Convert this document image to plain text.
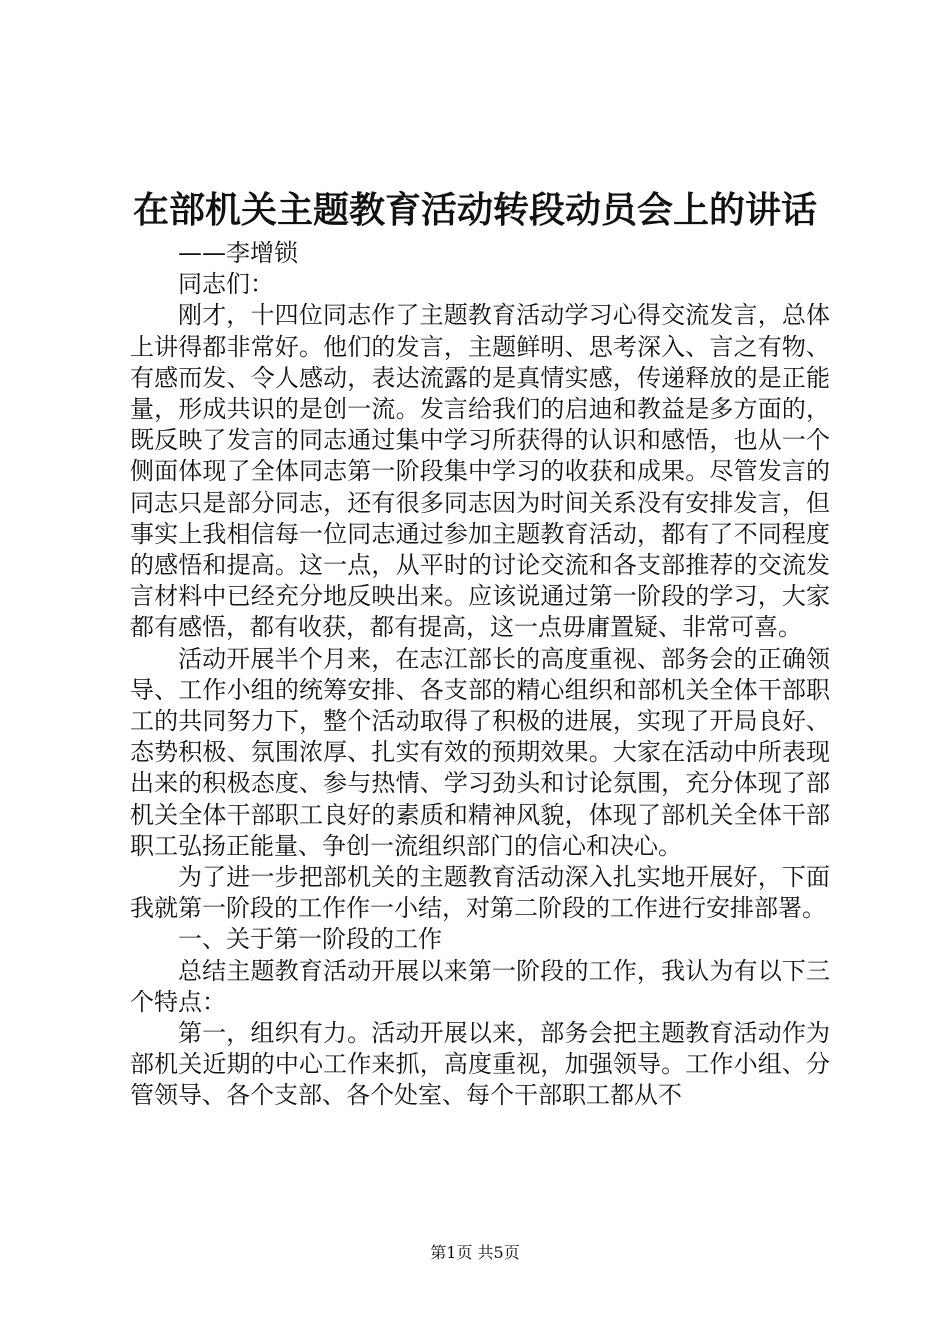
在部机关主题教育活动转段动员会上的讲话

——李增锁

同志们：

刚才，十四位同志作了主题教育活动学习心得交流发言，总体上讲得都非常好。他们的发言，主题鲜明、思考深入、言之有物、有感而发、令人感动，表达流露的是真情实感，传递释放的是正能量，形成共识的是创一流。发言给我们的启迪和教益是多方面的，既反映了发言的同志通过集中学习所获得的认识和感悟，也从一个侧面体现了全体同志第一阶段集中学习的收获和成果。尽管发言的同志只是部分同志，还有很多同志因为时间关系没有安排发言，但事实上我相信每一位同志通过参加主题教育活动，都有了不同程度的感悟和提高。这一点，从平时的讨论交流和各支部推荐的交流发言材料中已经充分地反映出来。应该说通过第一阶段的学习，大家都有感悟，都有收获，都有提高，这一点毋庸置疑、非常可喜。

活动开展半个月来，在志江部长的高度重视、部务会的正确领导、工作小组的统筹安排、各支部的精心组织和部机关全体干部职工的共同努力下，整个活动取得了积极的进展，实现了开局良好、态势积极、氛围浓厚、扎实有效的预期效果。大家在活动中所表现出来的积极态度、参与热情、学习劲头和讨论氛围，充分体现了部机关全体干部职工良好的素质和精神风貌，体现了部机关全体干部职工弘扬正能量、争创一流组织部门的信心和决心。

为了进一步把部机关的主题教育活动深入扎实地开展好，下面我就第一阶段的工作作一小结，对第二阶段的工作进行安排部署。

一、关于第一阶段的工作

总结主题教育活动开展以来第一阶段的工作，我认为有以下三个特点：

第一，组织有力。活动开展以来，部务会把主题教育活动作为部机关近期的中心工作来抓，高度重视，加强领导。工作小组、分管领导、各个支部、各个处室、每个干部职工都从不

第1页 共5页
